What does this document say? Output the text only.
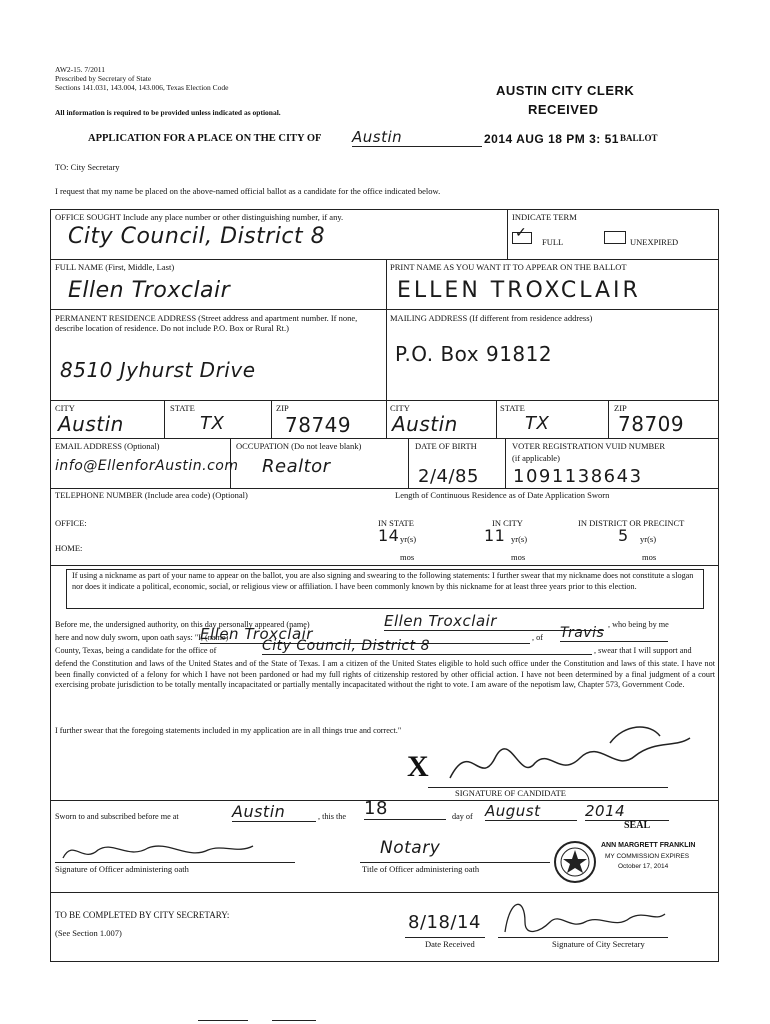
AW2-15. 7/2011
Prescribed by Secretary of State
Sections 141.031, 143.004, 143.006, Texas Election Code
All information is required to be provided unless indicated as optional.
AUSTIN CITY CLERK
RECEIVED
APPLICATION FOR A PLACE ON THE CITY OF Austin	2014 AUG 18 PM 3: 51 BALLOT
TO: City Secretary
I request that my name be placed on the above-named official ballot as a candidate for the office indicated below.
OFFICE SOUGHT Include any place number or other distinguishing number, if any.
City Council, District 8
INDICATE TERM
✓
FULL	UNEXPIRED
FULL NAME (First, Middle, Last)
Ellen Troxclair
PRINT NAME AS YOU WANT IT TO APPEAR ON THE BALLOT
ELLEN TROXCLAIR
PERMANENT RESIDENCE ADDRESS (Street address and apartment number. If none, describe location of residence. Do not include P.O. Box or Rural Rt.)
8510 Jyhurst Drive
MAILING ADDRESS (If different from residence address)
P.O. Box 91812
CITY
Austin
STATE
TX
ZIP
78749
CITY
Austin
STATE
TX
ZIP
78709
EMAIL ADDRESS (Optional)
info@EllenforAustin.com
OCCUPATION (Do not leave blank)
Realtor
DATE OF BIRTH
2/4/85
VOTER REGISTRATION VUID NUMBER
(if applicable)
1091138643
TELEPHONE NUMBER (Include area code) (Optional)	Length of Continuous Residence as of Date Application Sworn
OFFICE:
HOME:
IN STATE
14 yr(s)
mos
IN CITY
11 yr(s)
mos
IN DISTRICT OR PRECINCT
5 yr(s)
mos
If using a nickname as part of your name to appear on the ballot, you are also signing and swearing to the following statements: I further swear that my nickname does not constitute a slogan nor does it indicate a political, economic, social, or religious view or affiliation. I have been commonly known by this nickname for at least three years prior to this election.
Before me, the undersigned authority, on this day personally appeared (name)	Ellen Troxclair	, who being by me
here and now duly sworn, upon oath says: "I, (name)
Ellen Troxclair	, of Travis
County, Texas, being a candidate for the office of	City Council, District 8	, swear that I will support and
defend the Constitution and laws of the United States and of the State of Texas. I am a citizen of the United States eligible to hold such office under the Constitution and laws of this state. I have not been finally convicted of a felony for which I have not been pardoned or had my full rights of citizenship restored by other official action. I have not been determined by a final judgment of a court exercising probate jurisdiction to be totally mentally incapacitated or partially mentally incapacitated without the right to vote. I am aware of the nepotism law, Chapter 573, Government Code.
I further swear that the foregoing statements included in my application are in all things true and correct."
X
SIGNATURE OF CANDIDATE
Sworn to and subscribed before me at	Austin	, this the 18	day of August	2014
SEAL
Signature of Officer administering oath
Notary
Title of Officer administering oath
ANN MARGRETT FRANKLIN
MY COMMISSION EXPIRES
October 17, 2014
TO BE COMPLETED BY CITY SECRETARY:
(See Section 1.007)	8/18/14
Date Received	Signature of City Secretary
